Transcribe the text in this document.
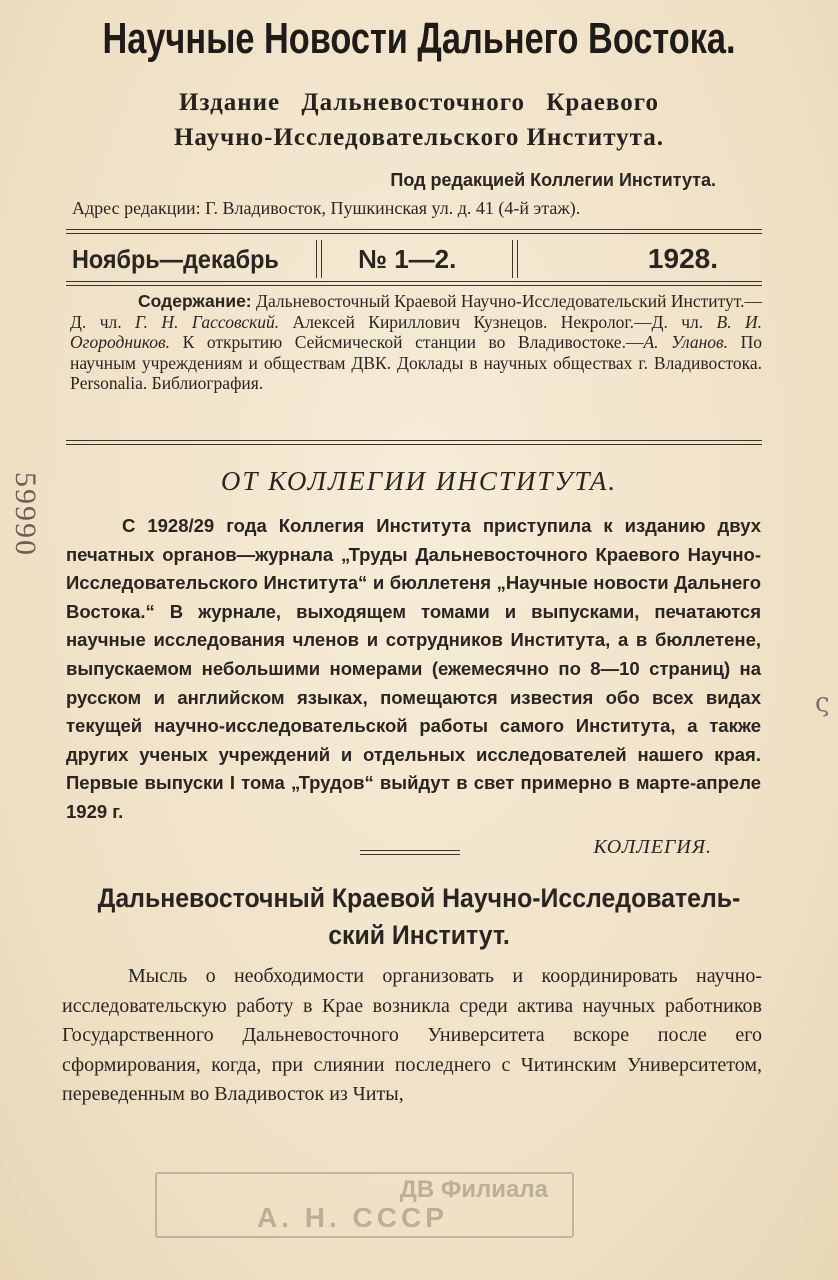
Научные Новости Дальнего Востока.
Издание Дальневосточного Краевого
Научно-Исследовательского Института.
Под редакцией Коллегии Института.
Адрес редакции: Г. Владивосток, Пушкинская ул. д. 41 (4-й этаж).
Ноябрь—декабрь	№ 1—2.	1928.
Содержание: Дальневосточный Краевой Научно-Исследовательский Институт.—Д. чл. Г. Н. Гассовский. Алексей Кириллович Кузнецов. Некролог.—Д. чл. В. И. Огородников. К открытию Сейсмической станции во Владивостоке.—А. Уланов. По научным учреждениям и обществам ДВК. Доклады в научных обществах г. Владивостока. Personalia. Библиография.
ОТ КОЛЛЕГИИ ИНСТИТУТА.

С 1928/29 года Коллегия Института приступила к изданию двух печатных органов—журнала „Труды Дальневосточного Краевого Научно-Исследовательского Института“ и бюллетеня „Научные новости Дальнего Востока.“ В журнале, выходящем томами и выпусками, печатаются научные исследования членов и сотрудников Института, а в бюллетене, выпускаемом небольшими номерами (ежемесячно по 8—10 страниц) на русском и английском языках, помещаются известия обо всех видах текущей научно-исследовательской работы самого Института, а также других ученых учреждений и отдельных исследователей нашего края. Первые выпуски I тома „Трудов“ выйдут в свет примерно в марте-апреле 1929 г.

КОЛЛЕГИЯ.
Дальневосточный Краевой Научно-Исследователь-
ский Институт.

Мысль о необходимости организовать и координировать научно-исследовательскую работу в Крае возникла среди актива научных работников Государственного Дальневосточного Университета вскоре после его сформирования, когда, при слиянии последнего с Читинским Университетом, переведенным во Владивосток из Читы,

ДВ Филиала
А. Н. СССР
59990
ς
